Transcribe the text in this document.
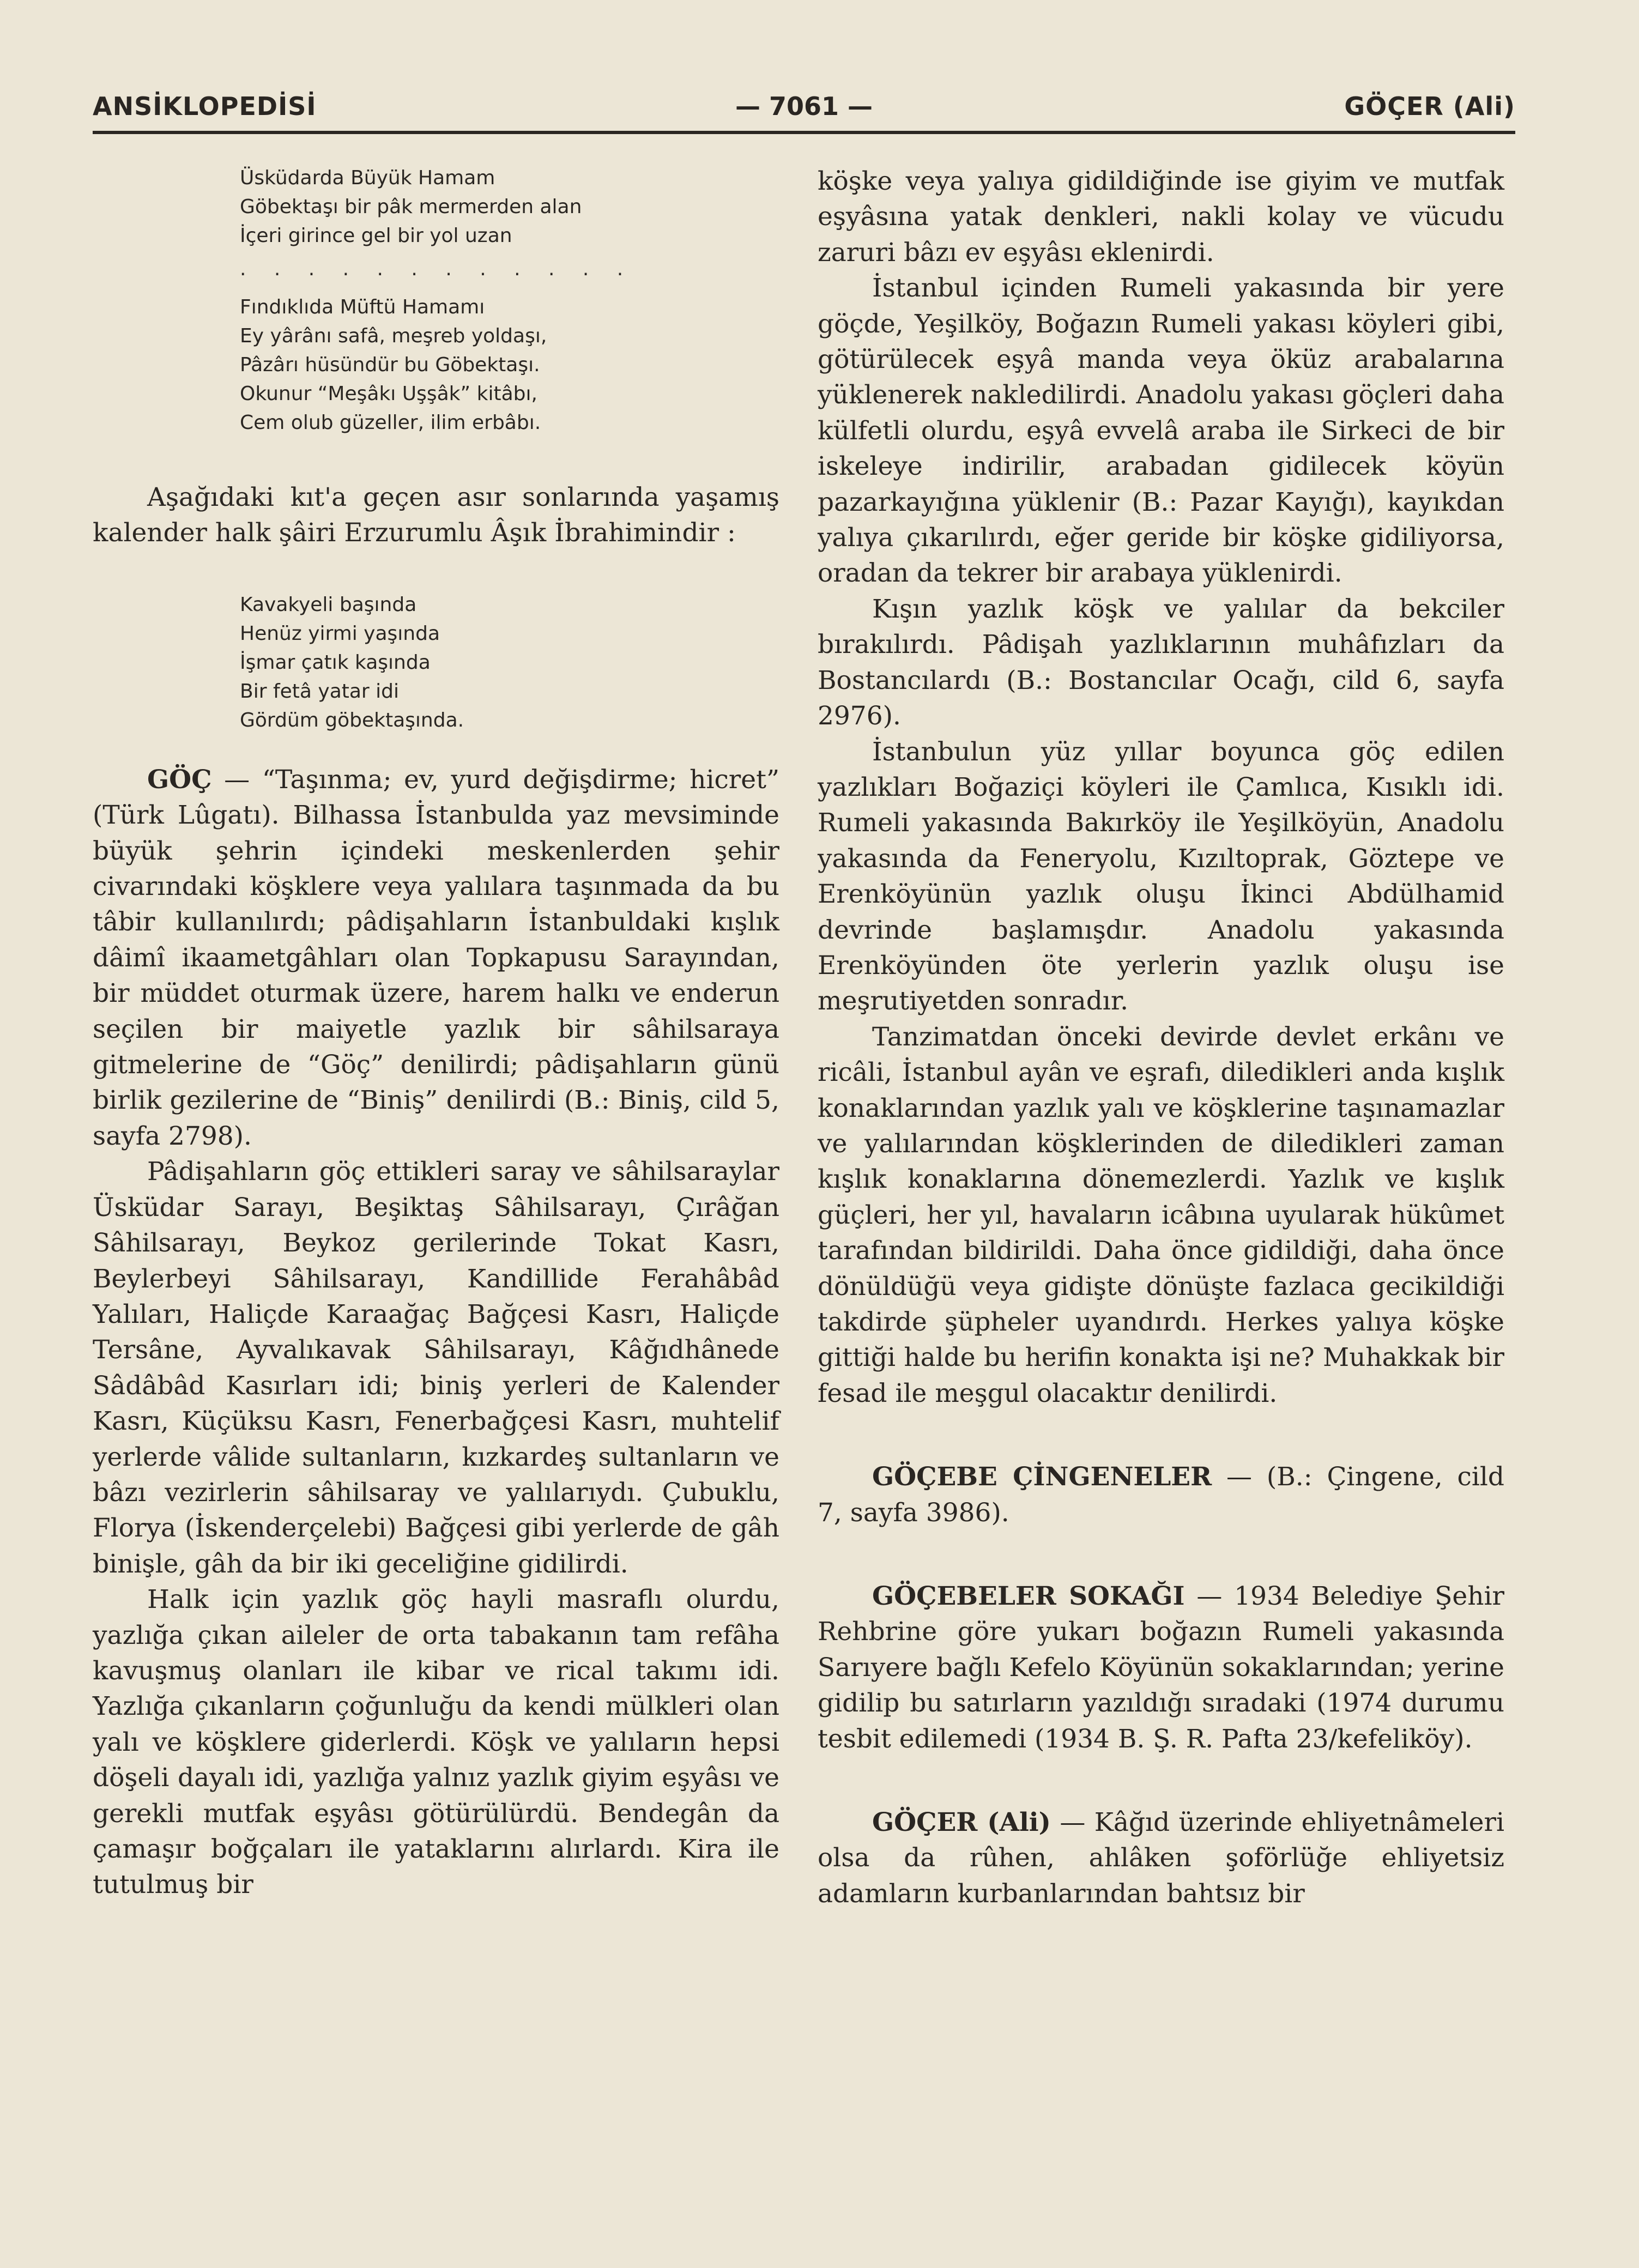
ANSİKLOPEDİSİ	— 7061 —	GÖÇER (Ali)
Üsküdarda Büyük Hamam
Göbektaşı bir pâk mermerden alan
İçeri girince gel bir yol uzan
. . . . . . . . . . . .
Fındıklıda Müftü Hamamı
Ey yârânı safâ, meşreb yoldaşı,
Pâzârı hüsündür bu Göbektaşı.
Okunur “Meşâkı Uşşâk” kitâbı,
Cem olub güzeller, ilim erbâbı.

Aşağıdaki kıt'a geçen asır sonlarında yaşamış kalender halk şâiri Erzurumlu Âşık İbrahimindir :

Kavakyeli başında
Henüz yirmi yaşında
İşmar çatık kaşında
Bir fetâ yatar idi
Gördüm göbektaşında.

GÖÇ — “Taşınma; ev, yurd değişdirme; hicret” (Türk Lûgatı). Bilhassa İstanbulda yaz mevsiminde büyük şehrin içindeki meskenlerden şehir civarındaki köşklere veya yalılara taşınmada da bu tâbir kullanılırdı; pâdişahların İstanbuldaki kışlık dâimî ikaametgâhları olan Topkapusu Sarayından, bir müddet oturmak üzere, harem halkı ve enderun seçilen bir maiyetle yazlık bir sâhilsaraya gitmelerine de “Göç” denilirdi; pâdişahların günü birlik gezilerine de “Biniş” denilirdi (B.: Biniş, cild 5, sayfa 2798).

Pâdişahların göç ettikleri saray ve sâhilsaraylar Üsküdar Sarayı, Beşiktaş Sâhilsarayı, Çırâğan Sâhilsarayı, Beykoz gerilerinde Tokat Kasrı, Beylerbeyi Sâhilsarayı, Kandillide Ferahâbâd Yalıları, Haliçde Karaağaç Bağçesi Kasrı, Haliçde Tersâne, Ayvalıkavak Sâhilsarayı, Kâğıdhânede Sâdâbâd Kasırları idi; biniş yerleri de Kalender Kasrı, Küçüksu Kasrı, Fenerbağçesi Kasrı, muhtelif yerlerde vâlide sultanların, kızkardeş sultanların ve bâzı vezirlerin sâhilsaray ve yalılarıydı. Çubuklu, Florya (İskenderçelebi) Bağçesi gibi yerlerde de gâh binişle, gâh da bir iki geceliğine gidilirdi.

Halk için yazlık göç hayli masraflı olurdu, yazlığa çıkan aileler de orta tabakanın tam refâha kavuşmuş olanları ile kibar ve rical takımı idi. Yazlığa çıkanların çoğunluğu da kendi mülkleri olan yalı ve köşklere giderlerdi. Köşk ve yalıların hepsi döşeli dayalı idi, yazlığa yalnız yazlık giyim eşyâsı ve gerekli mutfak eşyâsı götürülürdü. Bendegân da çamaşır boğçaları ile yataklarını alırlardı. Kira ile tutulmuş bir

köşke veya yalıya gidildiğinde ise giyim ve mutfak eşyâsına yatak denkleri, nakli kolay ve vücudu zaruri bâzı ev eşyâsı eklenirdi.

İstanbul içinden Rumeli yakasında bir yere göçde, Yeşilköy, Boğazın Rumeli yakası köyleri gibi, götürülecek eşyâ manda veya öküz arabalarına yüklenerek nakledilirdi. Anadolu yakası göçleri daha külfetli olurdu, eşyâ evvelâ araba ile Sirkeci de bir iskeleye indirilir, arabadan gidilecek köyün pazarkayığına yüklenir (B.: Pazar Kayığı), kayıkdan yalıya çıkarılırdı, eğer geride bir köşke gidiliyorsa, oradan da tekrer bir arabaya yüklenirdi.

Kışın yazlık köşk ve yalılar da bekciler bırakılırdı. Pâdişah yazlıklarının muhâfızları da Bostancılardı (B.: Bostancılar Ocağı, cild 6, sayfa 2976).

İstanbulun yüz yıllar boyunca göç edilen yazlıkları Boğaziçi köyleri ile Çamlıca, Kısıklı idi. Rumeli yakasında Bakırköy ile Yeşilköyün, Anadolu yakasında da Feneryolu, Kızıltoprak, Göztepe ve Erenköyünün yazlık oluşu İkinci Abdülhamid devrinde başlamışdır. Anadolu yakasında Erenköyünden öte yerlerin yazlık oluşu ise meşrutiyetden sonradır.

Tanzimatdan önceki devirde devlet erkânı ve ricâli, İstanbul ayân ve eşrafı, diledikleri anda kışlık konaklarından yazlık yalı ve köşklerine taşınamazlar ve yalılarından köşklerinden de diledikleri zaman kışlık konaklarına dönemezlerdi. Yazlık ve kışlık güçleri, her yıl, havaların icâbına uyularak hükûmet tarafından bildirildi. Daha önce gidildiği, daha önce dönüldüğü veya gidişte dönüşte fazlaca gecikildiği takdirde şüpheler uyandırdı. Herkes yalıya köşke gittiği halde bu herifin konakta işi ne? Muhakkak bir fesad ile meşgul olacaktır denilirdi.

GÖÇEBE ÇİNGENELER — (B.: Çingene, cild 7, sayfa 3986).

GÖÇEBELER SOKAĞI — 1934 Belediye Şehir Rehbrine göre yukarı boğazın Rumeli yakasında Sarıyere bağlı Kefelo Köyünün sokaklarından; yerine gidilip bu satırların yazıldığı sıradaki (1974 durumu tesbit edilemedi (1934 B. Ş. R. Pafta 23/kefeliköy).

GÖÇER (Ali) — Kâğıd üzerinde ehliyetnâmeleri olsa da rûhen, ahlâken şoförlüğe ehliyetsiz adamların kurbanlarından bahtsız bir
